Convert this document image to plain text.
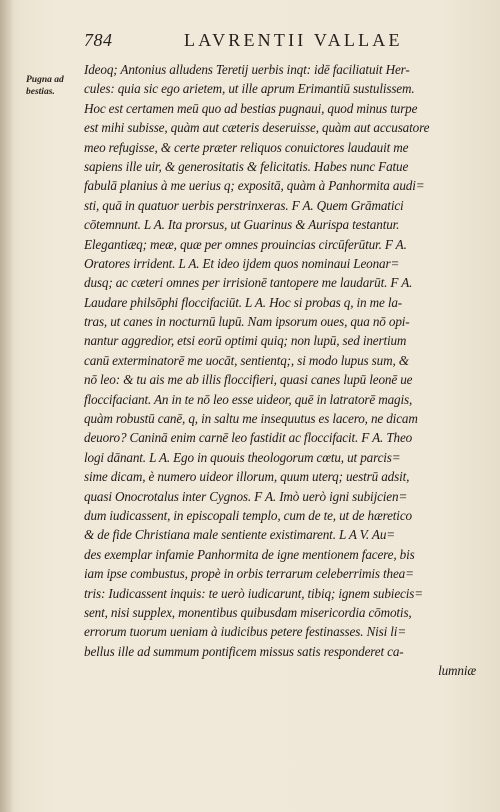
784	LAVRENTII VALLAE
Pugna ad bestias.
Ideoq; Antonius alludens Teretij uerbis inqt: idē faciliatuit Her-
cules: quia sic ego arietem, ut ille aprum Erimantiū sustulissem.
Hoc est certamen meū quo ad bestias pugnaui, quod minus turpe
est mihi subisse, quàm aut cæteris deseruisse, quàm aut accusatore
meo refugisse, & certe præter reliquos conuictores laudauit me
sapiens ille uir, & generositatis & felicitatis. Habes nunc Fatue
fabulā planius à me uerius q; expositā, quàm à Panhormita audi=
sti, quā in quatuor uerbis perstrinxeras. F A. Quem Grāmatici
cōtemnunt. L A. Ita prorsus, ut Guarinus & Aurispa testantur.
Elegantiæq; meæ, quæ per omnes prouincias circūferūtur. F A.
Oratores irrident. L A. Et ideo ijdem quos nominaui Leonar=
dusq; ac cæteri omnes per irrisionē tantopere me laudarūt. F A.
Laudare philsōphi floccifaciūt. L A. Hoc si probas q, in me la-
tras, ut canes in nocturnū lupū. Nam ipsorum oues, qua nō opi-
nantur aggredior, etsi eorū optimi quiq; non lupū, sed inertium
canū exterminatorē me uocāt, sentientq;, si modo lupus sum, &
nō leo: & tu ais me ab illis floccifieri, quasi canes lupū leonē ue
floccifaciant. An in te nō leo esse uideor, quē in latratorē magis,
quàm robustū canē, q, in saltu me insequutus es lacero, ne dicam
deuoro? Caninā enim carnē leo fastidit ac floccifacit. F A. Theo
logi dānant. L A. Ego in quouis theologorum cœtu, ut parcis=
sime dicam, è numero uideor illorum, quum uterq; uestrū adsit,
quasi Onocrotalus inter Cygnos. F A. Imò uerò igni subijcien=
dum iudicassent, in episcopali templo, cum de te, ut de hæretico
& de fide Christiana male sentiente existimarent. L A V. Au=
des exemplar infamie Panhormita de igne mentionem facere, bis
iam ipse combustus, propè in orbis terrarum celeberrimis thea=
tris: Iudicassent inquis: te uerò iudicarunt, tibiq; ignem subiecis=
sent, nisi supplex, monentibus quibusdam misericordia cōmotis,
errorum tuorum ueniam à iudicibus petere festinasses. Nisi li=
bellus ille ad summum pontificem missus satis responderet ca-
lumniæ
